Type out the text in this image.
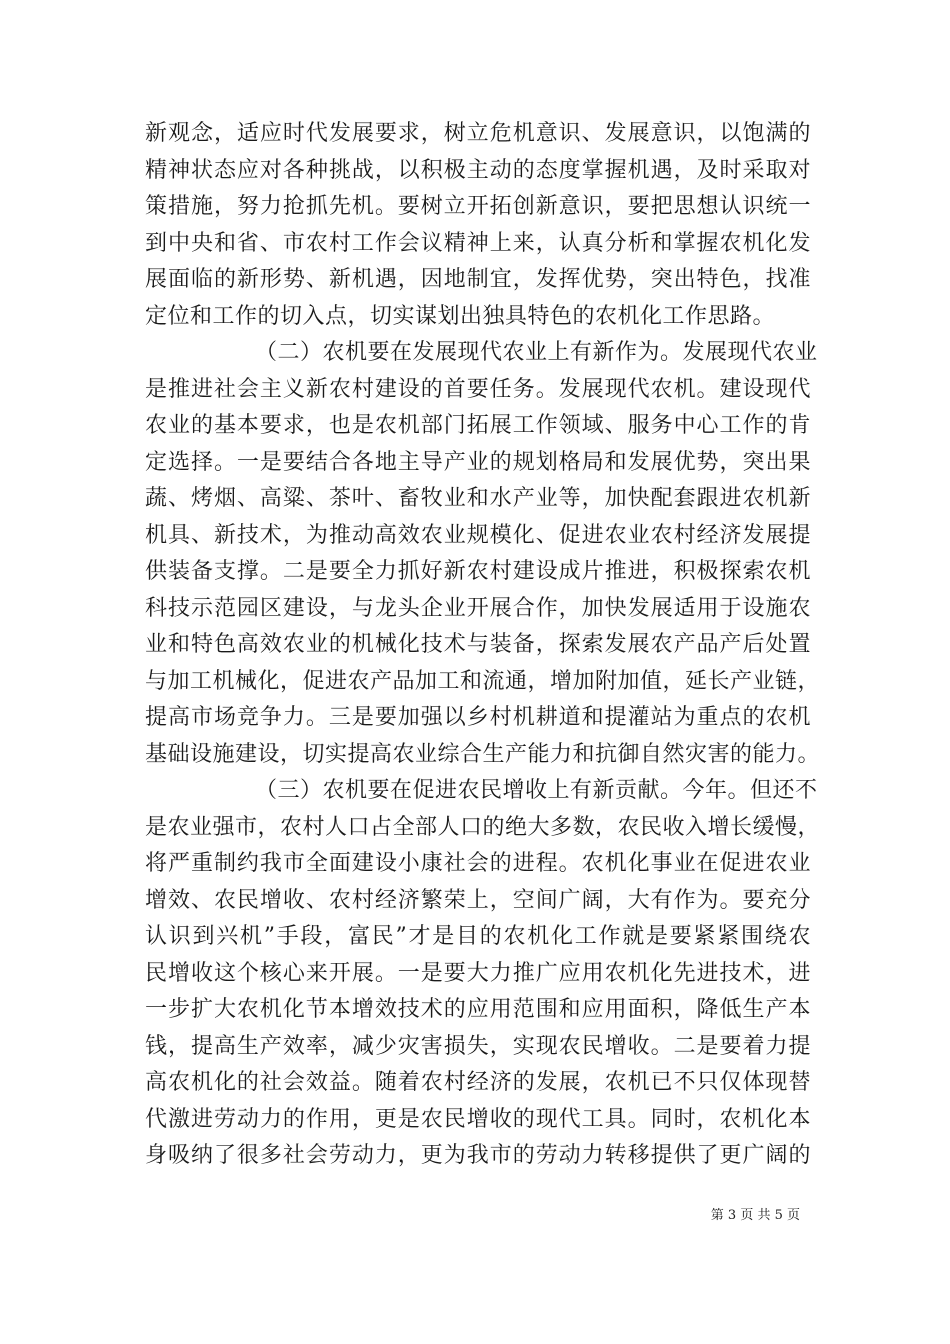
新观念，适应时代发展要求，树立危机意识、发展意识，以饱满的
精神状态应对各种挑战，以积极主动的态度掌握机遇，及时采取对
策措施，努力抢抓先机。要树立开拓创新意识，要把思想认识统一
到中央和省、市农村工作会议精神上来，认真分析和掌握农机化发
展面临的新形势、新机遇，因地制宜，发挥优势，突出特色，找准
定位和工作的切入点，切实谋划出独具特色的农机化工作思路。
（二）农机要在发展现代农业上有新作为。发展现代农业
是推进社会主义新农村建设的首要任务。发展现代农机。建设现代
农业的基本要求，也是农机部门拓展工作领域、服务中心工作的肯
定选择。一是要结合各地主导产业的规划格局和发展优势，突出果
蔬、烤烟、高粱、茶叶、畜牧业和水产业等，加快配套跟进农机新
机具、新技术，为推动高效农业规模化、促进农业农村经济发展提
供装备支撑。二是要全力抓好新农村建设成片推进，积极探索农机
科技示范园区建设，与龙头企业开展合作，加快发展适用于设施农
业和特色高效农业的机械化技术与装备，探索发展农产品产后处置
与加工机械化，促进农产品加工和流通，增加附加值，延长产业链，
提高市场竞争力。三是要加强以乡村机耕道和提灌站为重点的农机
基础设施建设，切实提高农业综合生产能力和抗御自然灾害的能力。
（三）农机要在促进农民增收上有新贡献。今年。但还不
是农业强市，农村人口占全部人口的绝大多数，农民收入增长缓慢，
将严重制约我市全面建设小康社会的进程。农机化事业在促进农业
增效、农民增收、农村经济繁荣上，空间广阔，大有作为。要充分
认识到兴机”手段，富民”才是目的农机化工作就是要紧紧围绕农
民增收这个核心来开展。一是要大力推广应用农机化先进技术，进
一步扩大农机化节本增效技术的应用范围和应用面积，降低生产本
钱，提高生产效率，减少灾害损失，实现农民增收。二是要着力提
高农机化的社会效益。随着农村经济的发展，农机已不只仅体现替
代激进劳动力的作用，更是农民增收的现代工具。同时，农机化本
身吸纳了很多社会劳动力，更为我市的劳动力转移提供了更广阔的
第 3 页 共 5 页
